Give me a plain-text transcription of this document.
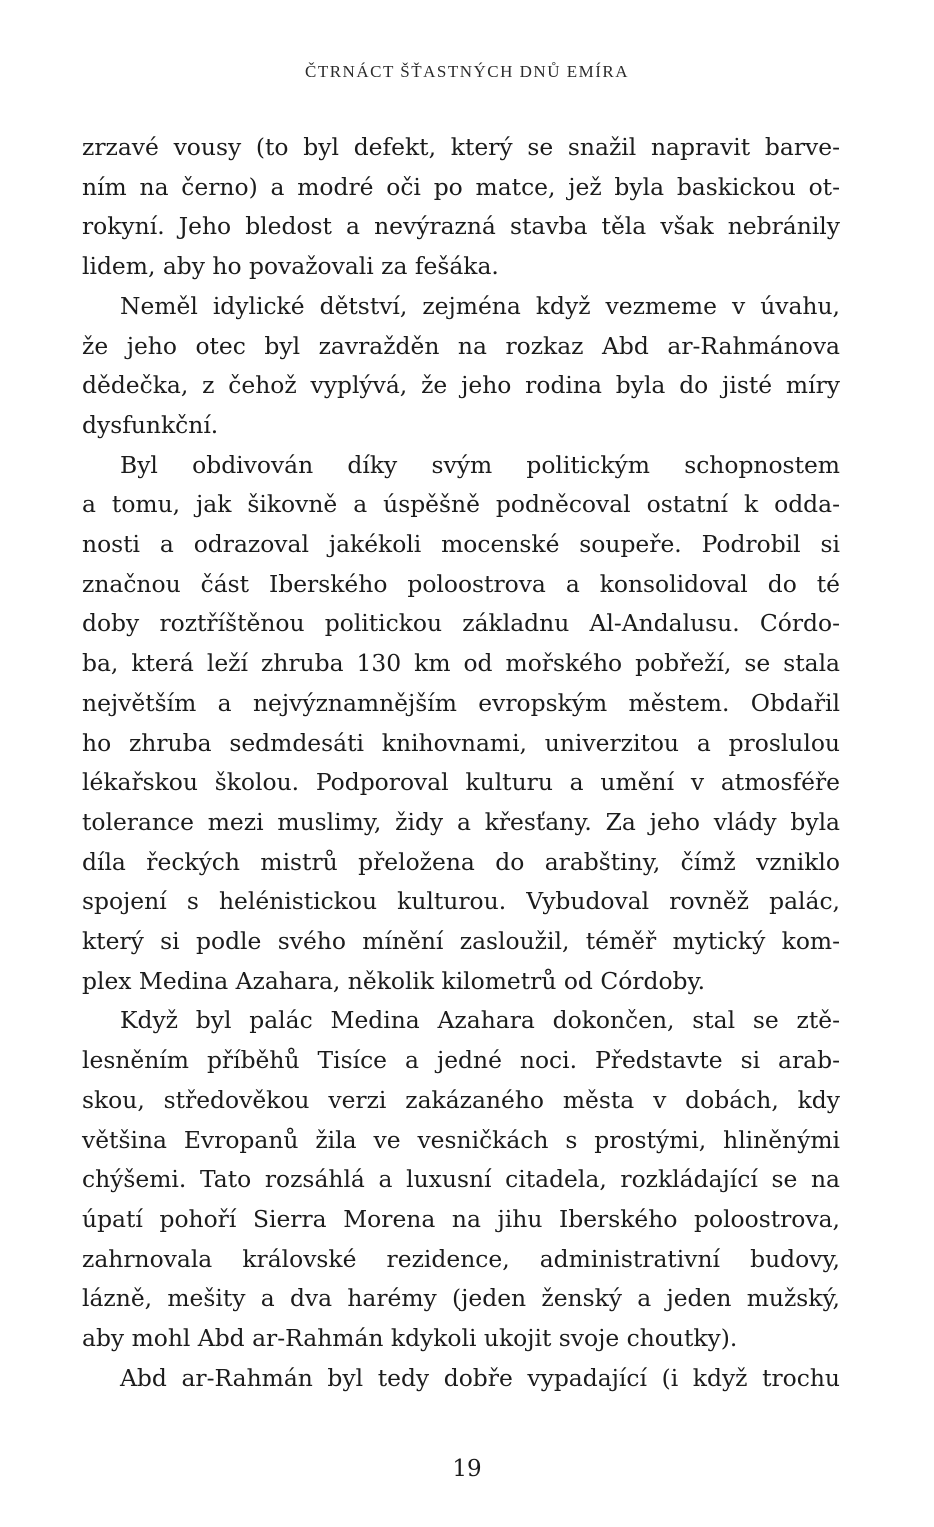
ČTRNÁCT ŠŤASTNÝCH DNŮ EMÍRA
zrzavé vousy (to byl defekt, který se snažil napravit barve-
ním na černo) a modré oči po matce, jež byla baskickou ot-
rokyní. Jeho bledost a nevýrazná stavba těla však nebránily
lidem, aby ho považovali za fešáka.
Neměl idylické dětství, zejména když vezmeme v úvahu,
že jeho otec byl zavražděn na rozkaz Abd ar-Rahmánova
dědečka, z čehož vyplývá, že jeho rodina byla do jisté míry
dysfunkční.
Byl obdivován díky svým politickým schopnostem
a tomu, jak šikovně a úspěšně podněcoval ostatní k odda-
nosti a odrazoval jakékoli mocenské soupeře. Podrobil si
značnou část Iberského poloostrova a konsolidoval do té
doby roztříštěnou politickou základnu Al-Andalusu. Córdo-
ba, která leží zhruba 130 km od mořského pobřeží, se stala
největším a nejvýznamnějším evropským městem. Obdařil
ho zhruba sedmdesáti knihovnami, univerzitou a proslulou
lékařskou školou. Podporoval kulturu a umění v atmosféře
tolerance mezi muslimy, židy a křesťany. Za jeho vlády byla
díla řeckých mistrů přeložena do arabštiny, čímž vzniklo
spojení s helénistickou kulturou. Vybudoval rovněž palác,
který si podle svého mínění zasloužil, téměř mytický kom-
plex Medina Azahara, několik kilometrů od Córdoby.
Když byl palác Medina Azahara dokončen, stal se ztě-
lesněním příběhů Tisíce a jedné noci. Představte si arab-
skou, středověkou verzi zakázaného města v dobách, kdy
většina Evropanů žila ve vesničkách s prostými, hliněnými
chýšemi. Tato rozsáhlá a luxusní citadela, rozkládající se na
úpatí pohoří Sierra Morena na jihu Iberského poloostrova,
zahrnovala královské rezidence, administrativní budovy,
lázně, mešity a dva harémy (jeden ženský a jeden mužský,
aby mohl Abd ar-Rahmán kdykoli ukojit svoje choutky).
Abd ar-Rahmán byl tedy dobře vypadající (i když trochu
19
